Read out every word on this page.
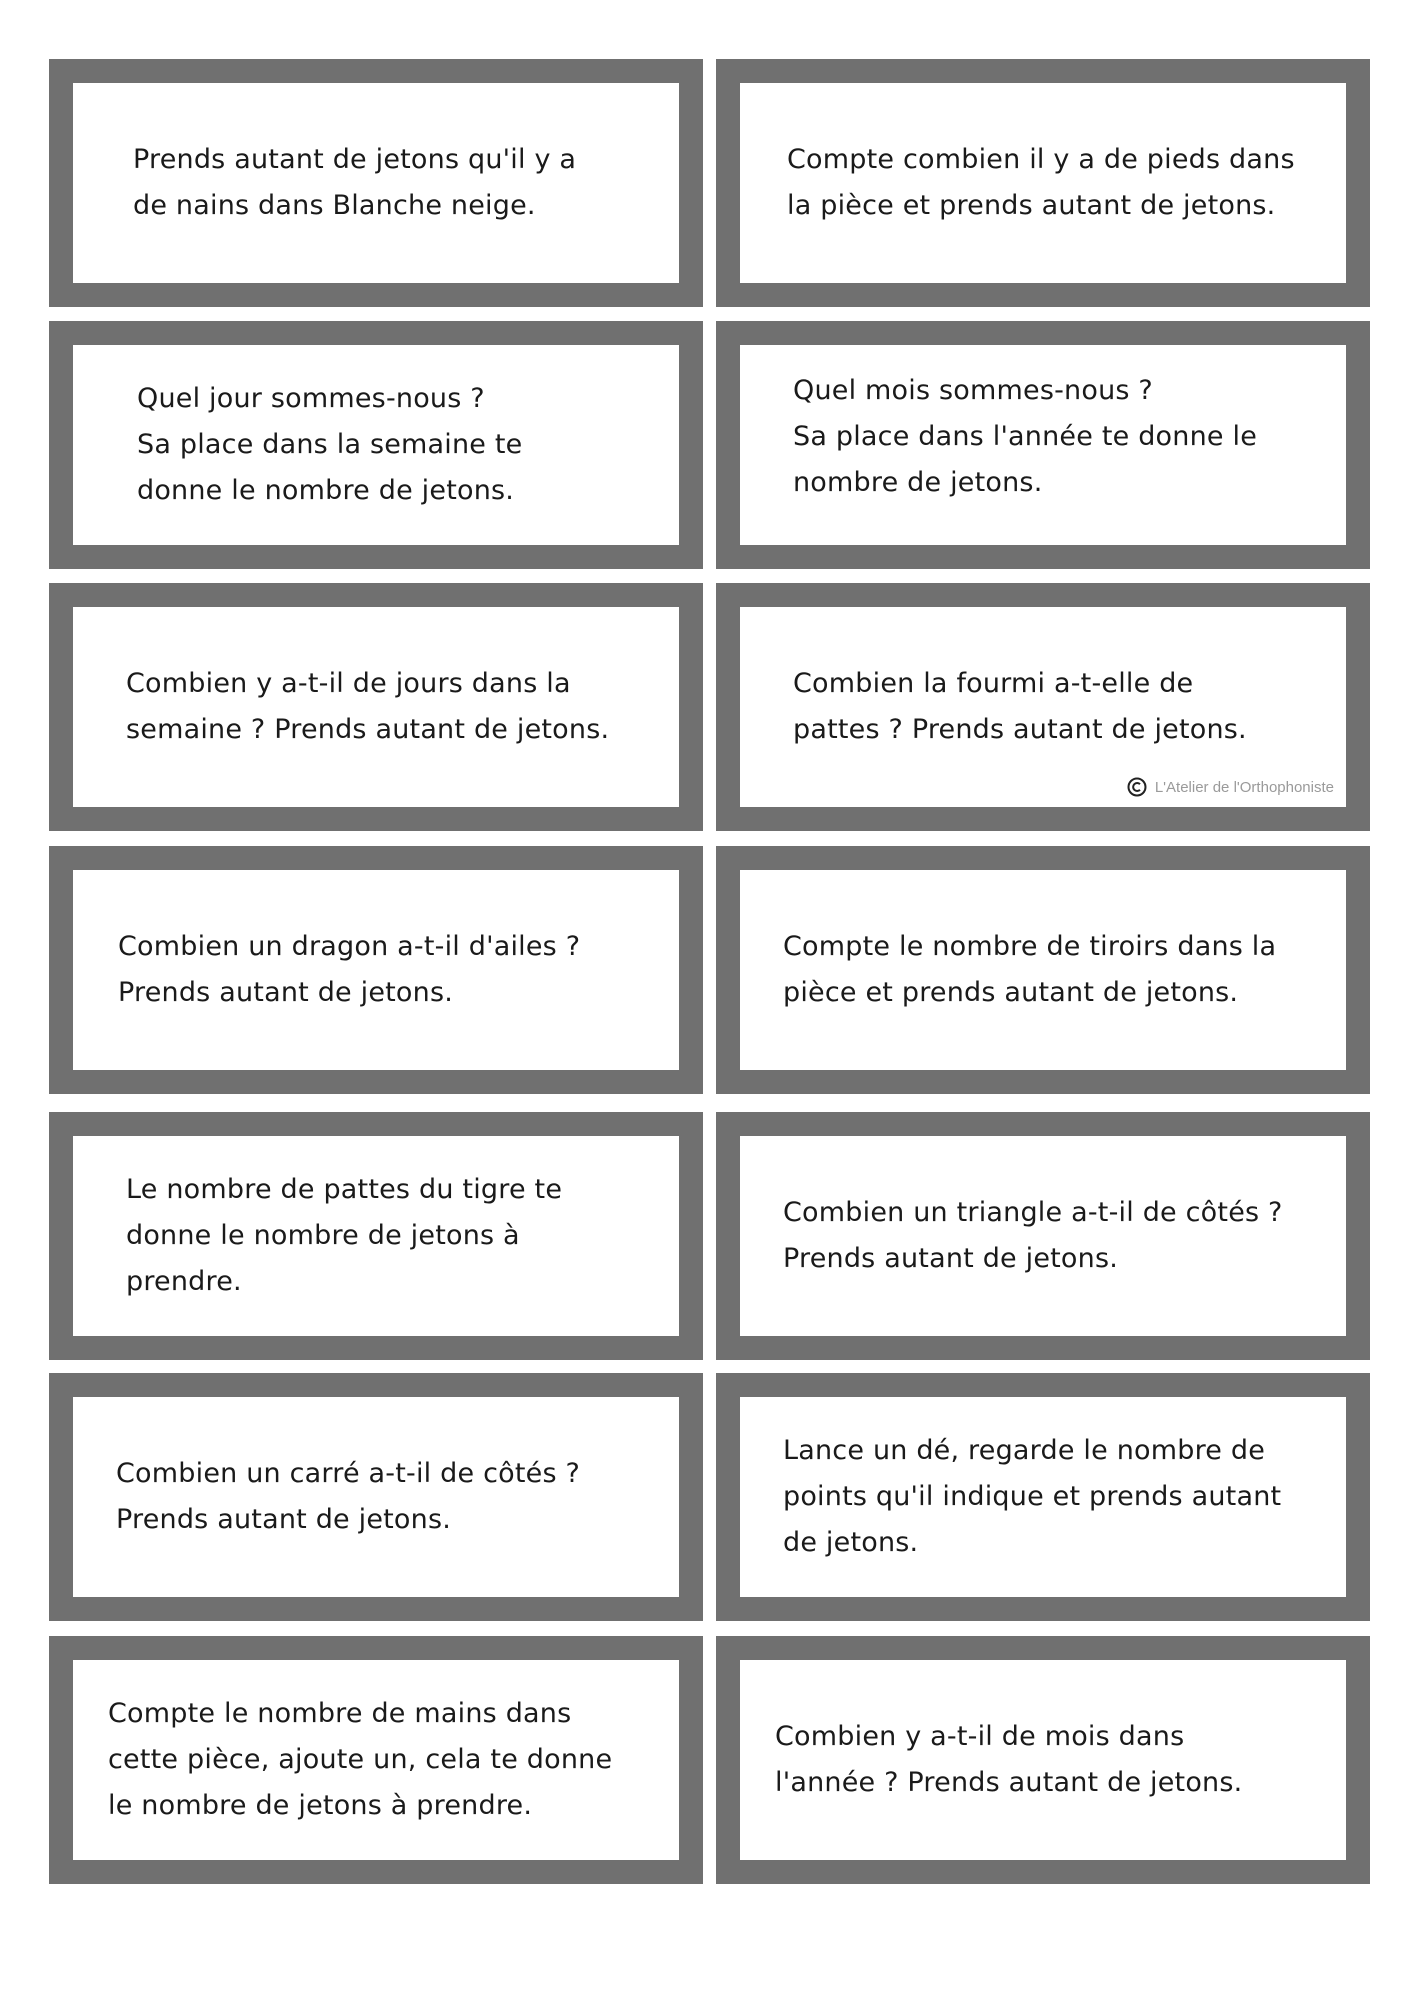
Prends autant de jetons qu'il y a
de nains dans Blanche neige.
Compte combien il y a de pieds dans
la pièce et prends autant de jetons.
Quel jour sommes-nous ?
Sa place dans la semaine te
donne le nombre de jetons.
Quel mois sommes-nous ?
Sa place dans l'année te donne le
nombre de jetons.
Combien y a-t-il de jours dans la
semaine ? Prends autant de jetons.
Combien la fourmi a-t-elle de
pattes ? Prends autant de jetons.
L'Atelier de l'Orthophoniste
Combien un dragon a-t-il d'ailes ?
Prends autant de jetons.
Compte le nombre de tiroirs dans la
pièce et prends autant de jetons.
Le nombre de pattes du tigre te
donne le nombre de jetons à
prendre.
Combien un triangle a-t-il de côtés ?
Prends autant de jetons.
Combien un carré a-t-il de côtés ?
Prends autant de jetons.
Lance un dé, regarde le nombre de
points qu'il indique et prends autant
de jetons.
Compte le nombre de mains dans
cette pièce, ajoute un, cela te donne
le nombre de jetons à prendre.
Combien y a-t-il de mois dans
l'année ? Prends autant de jetons.
